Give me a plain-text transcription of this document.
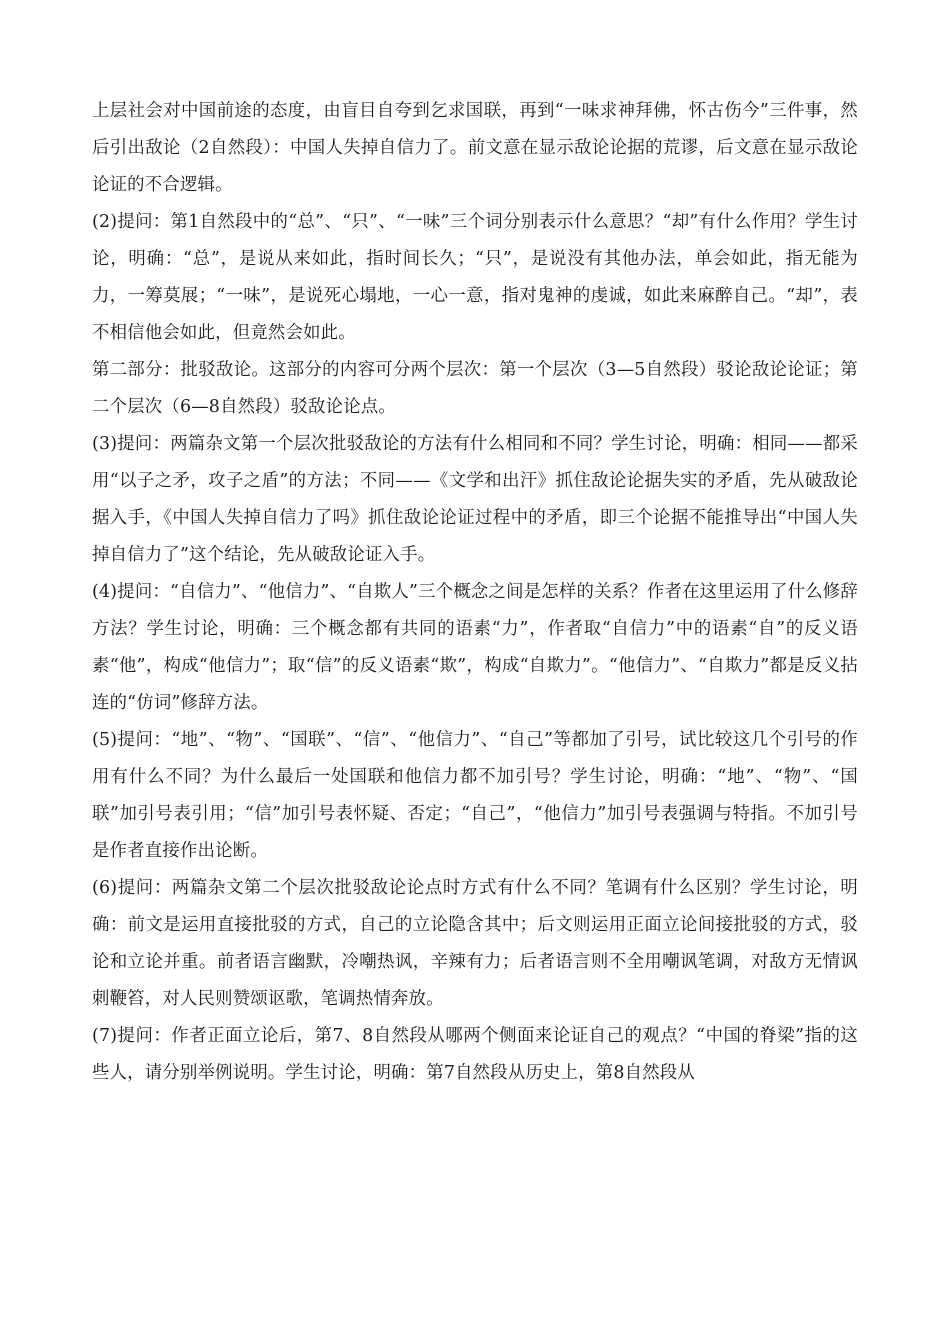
上层社会对中国前途的态度，由盲目自夸到乞求国联，再到“一味求神拜佛，怀古伤今”三件事，然后引出敌论（2自然段）：中国人失掉自信力了。前文意在显示敌论论据的荒谬，后文意在显示敌论论证的不合逻辑。

(2)提问：第1自然段中的“总”、“只”、“一味”三个词分别表示什么意思？“却”有什么作用？学生讨论，明确：“总”，是说从来如此，指时间长久；“只”，是说没有其他办法，单会如此，指无能为力，一筹莫展；“一味”，是说死心塌地，一心一意，指对鬼神的虔诚，如此来麻醉自己。“却”，表不相信他会如此，但竟然会如此。

第二部分：批驳敌论。这部分的内容可分两个层次：第一个层次（3—5自然段）驳论敌论论证；第二个层次（6—8自然段）驳敌论论点。

(3)提问：两篇杂文第一个层次批驳敌论的方法有什么相同和不同？学生讨论，明确：相同——都采用“以子之矛，攻子之盾”的方法；不同——《文学和出汗》抓住敌论论据失实的矛盾，先从破敌论据入手，《中国人失掉自信力了吗》抓住敌论论证过程中的矛盾，即三个论据不能推导出“中国人失掉自信力了”这个结论，先从破敌论证入手。

(4)提问：“自信力”、“他信力”、“自欺人”三个概念之间是怎样的关系？作者在这里运用了什么修辞方法？学生讨论，明确：三个概念都有共同的语素“力”，作者取“自信力”中的语素“自”的反义语素“他”，构成“他信力”；取“信”的反义语素“欺”，构成“自欺力”。“他信力”、“自欺力”都是反义拈连的“仿词”修辞方法。

(5)提问：“地”、“物”、“国联”、“信”、“他信力”、“自己”等都加了引号，试比较这几个引号的作用有什么不同？为什么最后一处国联和他信力都不加引号？学生讨论，明确：“地”、“物”、“国联”加引号表引用；“信”加引号表怀疑、否定；“自己”，“他信力”加引号表强调与特指。不加引号是作者直接作出论断。

(6)提问：两篇杂文第二个层次批驳敌论论点时方式有什么不同？笔调有什么区别？学生讨论，明确：前文是运用直接批驳的方式，自己的立论隐含其中；后文则运用正面立论间接批驳的方式，驳论和立论并重。前者语言幽默，冷嘲热讽，辛辣有力；后者语言则不全用嘲讽笔调，对敌方无情讽刺鞭笞，对人民则赞颂讴歌，笔调热情奔放。

(7)提问：作者正面立论后，第7、8自然段从哪两个侧面来论证自己的观点？“中国的脊梁”指的这些人，请分别举例说明。学生讨论，明确：第7自然段从历史上，第8自然段从
